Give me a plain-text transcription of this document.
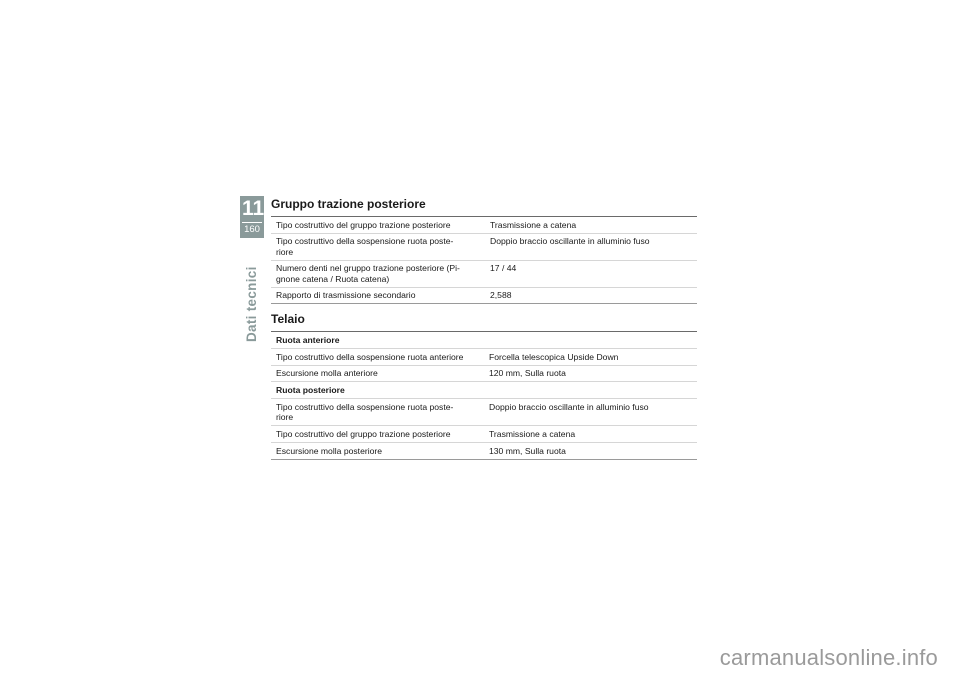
11
160
Dati tecnici
Gruppo trazione posteriore
Tipo costruttivo del gruppo trazione posteriore	Trasmissione a catena
Tipo costruttivo della sospensione ruota poste-
riore	Doppio braccio oscillante in alluminio fuso
Numero denti nel gruppo trazione posteriore (Pi-
gnone catena / Ruota catena)	17 / 44
Rapporto di trasmissione secondario	2,588
Telaio
Ruota anteriore	
Tipo costruttivo della sospensione ruota anteriore	Forcella telescopica Upside Down
Escursione molla anteriore	120 mm, Sulla ruota
Ruota posteriore	
Tipo costruttivo della sospensione ruota poste-
riore	Doppio braccio oscillante in alluminio fuso
Tipo costruttivo del gruppo trazione posteriore	Trasmissione a catena
Escursione molla posteriore	130 mm, Sulla ruota
carmanualsonline.info
